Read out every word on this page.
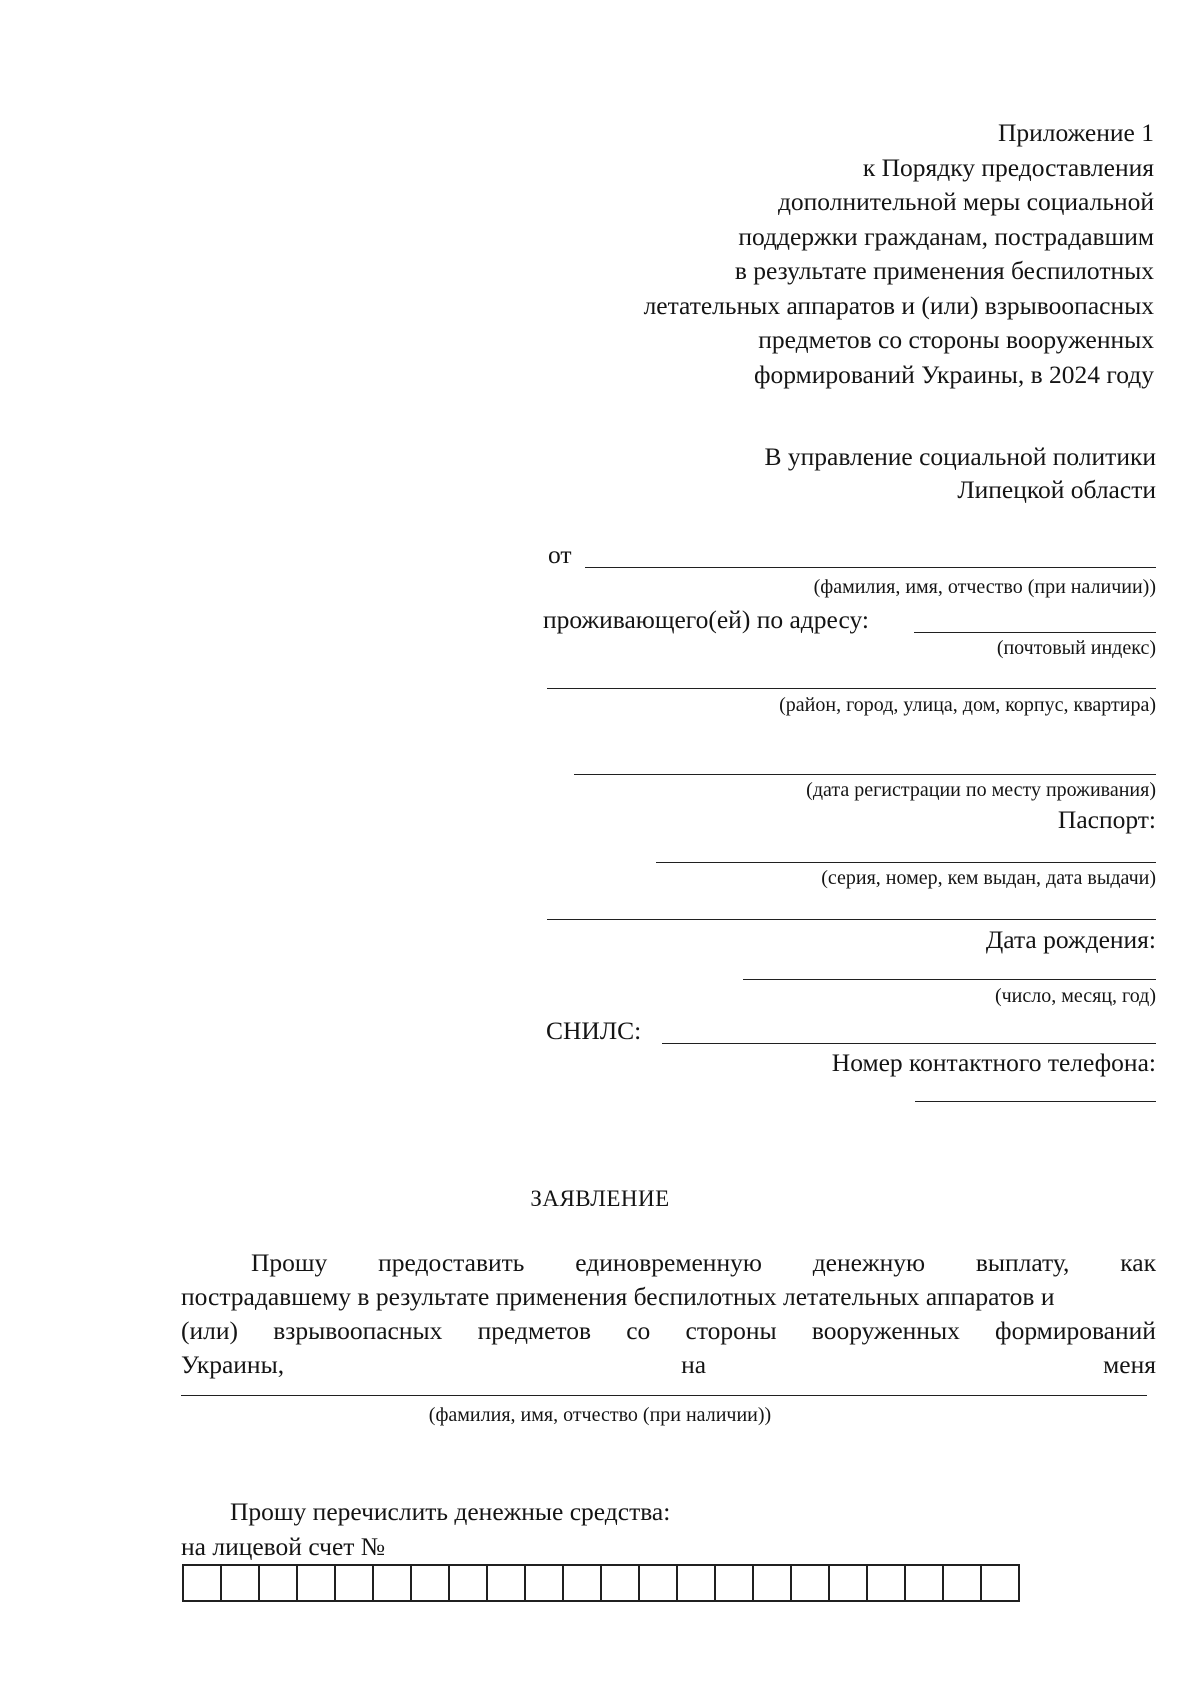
Приложение 1
к Порядку предоставления
дополнительной меры социальной
поддержки гражданам, пострадавшим
в результате применения беспилотных
летательных аппаратов и (или) взрывоопасных
предметов со стороны вооруженных
формирований Украины, в 2024 году
В управление социальной политики
Липецкой области
от
(фамилия, имя, отчество (при наличии))
проживающего(ей) по адресу:
(почтовый индекс)
(район, город, улица, дом, корпус, квартира)
(дата регистрации по месту проживания)
Паспорт:
(серия, номер, кем выдан, дата выдачи)
Дата рождения:
(число, месяц, год)
СНИЛС:
Номер контактного телефона:
ЗАЯВЛЕНИЕ
Прошу предоставить единовременную денежную выплату, как
пострадавшему в результате применения беспилотных летательных аппаратов и
(или) взрывоопасных предметов со стороны вооруженных формирований
Украины,	на	меня
(фамилия, имя, отчество (при наличии))
Прошу перечислить денежные средства:
на лицевой счет №
